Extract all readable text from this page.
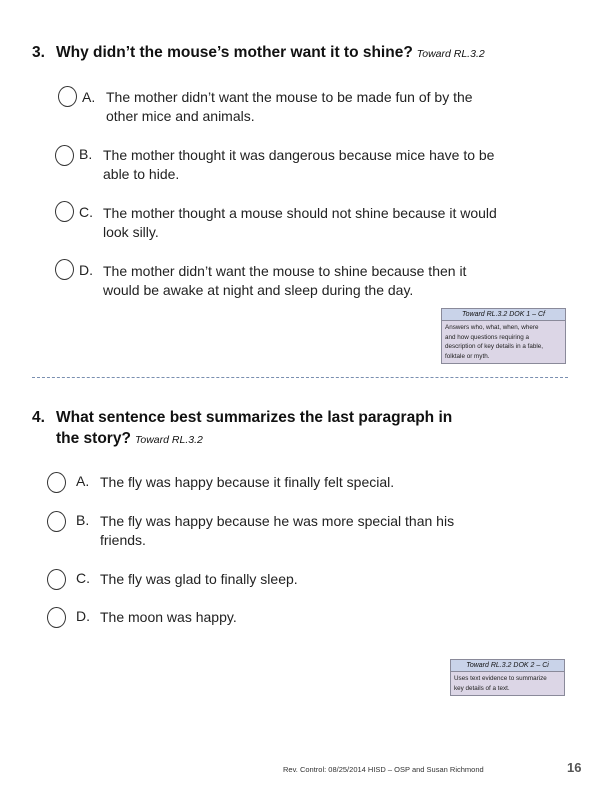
3. Why didn’t the mouse’s mother want it to shine? Toward RL.3.2
A. The mother didn’t want the mouse to be made fun of by the
other mice and animals.
B. The mother thought it was dangerous because mice have to be
able to hide.
C. The mother thought a mouse should not shine because it would
look silly.
D. The mother didn’t want the mouse to shine because then it
would be awake at night and sleep during the day.
Toward RL.3.2 DOK 1 – Cf
Answers who, what, when, where
and how questions requiring a
description of key details in a fable,
folktale or myth.
4. What sentence best summarizes the last paragraph in
the story? Toward RL.3.2
A. The fly was happy because it finally felt special.
B. The fly was happy because he was more special than his
friends.
C. The fly was glad to finally sleep.
D. The moon was happy.
Toward RL.3.2 DOK 2 – Ci
Uses text evidence to summarize
key details of a text.
Rev. Control: 08/25/2014 HISD – OSP and Susan Richmond	16
